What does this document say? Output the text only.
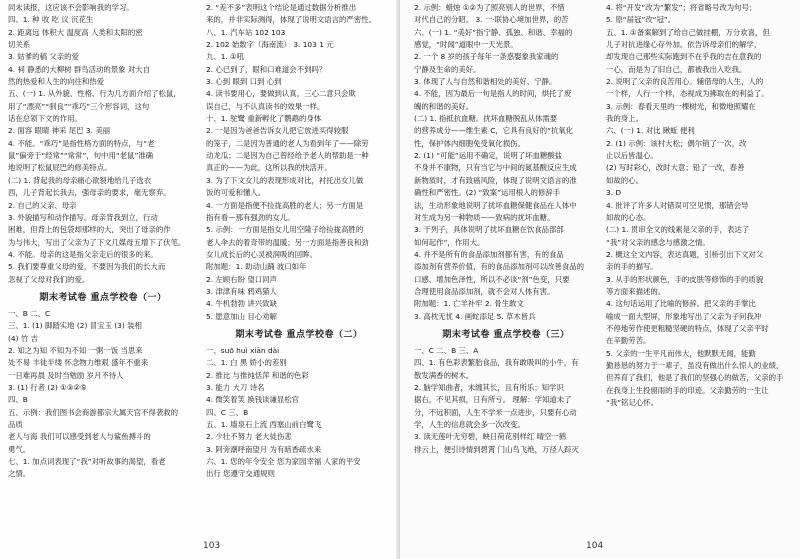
同未读报，这应该不会影响我的学习。
四、1. 种 收 吃 议 沉花生
2. 距离远 体积大 温度高 人类和太阳的密
切关系
3. 姑爹的稿 父亲的爱
4. 祠 静悉的大柳树 群鸟活动的景象 对大自
然的热爱和人生的向往和热爱
五、(一) 1. 从外貌、性格、行为几方面介绍了松鼠，
用了“漂亮”“驯良”“乖巧”三个形容词，这句
话在总领下文的作用。
2. 面容 眼睛 神采 尾巴 3. 美丽
4. 不能。“乖巧”是指性格方面的特点，与“老
鼠”偏旁于“经常”“常常”，句中用“老鼠”准确
地说明了松鼠屁巴的修美特点。
(二) 1. 背起我的母亲痛心欲裂地给儿子选衣
西，儿子背起长我去，强母亲的要求，毫无察弃。
2. 自己的父亲、母亲
3. 外貌描写和动作描写。母亲背我到立，行动
困难，但背上的包袋却那样的大，突出了母亲的作
为与伟大，写出了父亲为了下文几媒母五增下了伏笔。
4. 不能。母亲的这是指父亲走后的很多的来。
5. 我们要尊重父母的爱，不要因为我们的长大而
忽视了父母对我们的爱。
期末考试卷 重点学校卷（一）
一、B 二、C
三、1. (1) 脚踏实地 (2) 冒宝玉 (3) 装相
(4) 竹 吉
2. 知之为知 不知为不知 一粥一饭 当思来
处不易 丰徒半缕 怀念物力维艰 盛年不重来
一日难再晨 及时当勉励 岁月不待人
3. (1) 行者 (2) ①③②⑤
四、B
五、示例：我们图书会商游都宗大属天宫不得袭救的
品质
老人与海 我们可以感受到老人与鲨鱼搏斗的
勇气。
七、1. 加点词表现了“我”对听故事的渴望，看老
之情。
2. “差不多”表明这个结论是通过数据分析推出
来的，并非实际测得，体现了说明文语言的严密性。
八、1. 汽车站 102 103
2. 102 始数字（海南流） 3. 103 1 元
九、1. ①吼
2. 心已到了，眼和口难道会不到吗？
3. 心到 眼到 口到 心到
4. 读书要用心，要做到认真，三心二意只会欺
误自己，与不认真读书的效果一样。
十、1. 鸵鹭 重新孵化了鹦鹉的身体
2. 一是因为爸爸告诉女儿把它放进买得较服
的笼子，二是因为普通的老人为看到年了——除劳
动龙瓜；二是因为自己曾经给予老人的帮助是一种
真正的——为此，这所以我的快活开。
3. 为了下文女儿的表现形成对比，衬托出女儿做
饭的可爱和懂人。
4. 一方面是指便不捡拢高胜的老人；另一方面是
指有看—那有强劲的女儿。
5. 示例：一方面是指女儿用空隆子给捡拢高胜的
老人伞去的着奇带的温暖；另一方面是指善良和劲
女儿成长后的心灵被润吸的回眸。
附加题：1. 助动山踊 波口如年
2. 左顾右盼 望口同声
3. 津津有味 鸦鸡猫人
4. 牛机勃勃 讲兴致缺
5. 愿意加山 目心劝解
期末考试卷 重点学校卷（二）
一、suō huì xiān dài
二、1. 白 黑 娇小的差别
2. 推比 与推纯恬萍 和谐的色彩
3. 能力 大刀 诗名
4. 微笑着笑 换钱谈谦显松官
四、C 三、B
五、1. 墙泉石上流 西塞山前白鹭飞
2. 少壮不努力 老大徒伤悲
3. 阿旁潮呼南望月 为有暗香疏水来
六、1. 您的年令安全 您为家园幸福 人家的平安
出行 您遵守交通规则
103
2. 示例：蜡烛 ①②为了照亮别人的世界，不惜
对代自己的分昭。 3. 一·联协心境加世界，的苦
六、(一) 1. “美好”指宁静、孤独、和谐、幸福的
感觉，“时闻”道眼中一天光景。
2. 一个 8 岁的孩子每年一条惑娶象我家魂的
宁静及生命的美好。
3. 体现了人与自然和谐相处的美好、宁静。
4. 不能，因为最后一句是指人的时间，烘托了废
魄的和谐的美好。
(二) 1. 指抵抗血糖。扰坏血糖脱乱从体需要
的营养成分——维生素 C，它具有良好的“抗氧化
性，保护体内细胞免受氧化损伤。
2. (1) “可能”运用不确定，说明了坏血糖酸盐
不身并不康物，只有当它与中间的氮基酸反应生成
新物质时，才有致癌风险，体现了说明文语言的准
确性和严密性。(2) “致案”运用根人的修辞手
法，生动形象地说明了扰坏血糖保健食品在人体中
对生成为另一种物质——致病的扰坏血糖。
3. 干列子，具体说明了扰坏血糖在饮食品部部
如何起作“，作用大。
4. 并不是所有的食品添加剂都有害，有的食品
添加剂有营养价值，有的食品添加剂可以改善食品的
口感、增加色泽性，所以不必谈“剂”色变，只要
合理使用食品添加剂，就不会对人体有害。
附加题：1. 亡羊补牢 2. 骨生敢文
3. 高枕无忧 4. 画蛇添足 5. 草木皆兵
期末考试卷 重点学校卷（三）
一、C 二、B 三、A
四、1. 有色彩表繁胎食品，我有敢吸叫的小牛，有
散发满香的树木。
2. 脑学知曲者，未缠其长，且有所乐；知学识
据右，不见其损，日有所亏。 理解：学知道未了
分，不远积面，人生不学米一点进步，只要有心动
学，人生的信息就会多一次改变。
3. 读无莲叶无穷碧，映日荷花别样红 晴空一鹤
排云上，便引诗情到碧霄 门山鸟飞绝，万径人踪灭
4. 将“开发”改为“繁发”；将省略号改为句号；
5. 原“届冠”改“冠”。
五、1. ①备案解到了给自己做挂棚，万分欢喜，但
儿子对抗进缘心存外加。依告诉母亲们的解学，
却发现自己那些实际跑到不在乎我的吉在意我的
一心，而是为了旧自己，都被我出入吃我。
2. 说明了父亲的良苦用心。辅借母的人生，人的
一个样，人行一个样，态视成为拂取在的利益了。
3. 示例：春看天里的一棵树光，和微地照耀在
我的身上。
六、(一) 1. 对比 瞅蚯 便利
2. (1) 示例：该村大松；偶尔销了一次，改
止以后皆温心。
(2) 写时彩心，改时大意；铅了一改，春善
如故的心。
3. D
4. 批评了许多人对错误可空见惯，那错会导
如故的心态。
(二) 1. 贯串全文的线素是父亲的手，表达了
“我”对父亲的感念与感激之情。
2. 概这全文内容，表达真题，引桥引出下文对父
亲的手的描写。
3. 从手的形状颜色，手的皮肤等修饰的手的质貌
等方面来描述的。
4. 这句话运用了比喻的修辞。把父亲的手掌比
喻成一面大型屏，形象地写出了父亲为子问我冲
不停地劳作使更粗糙坚硬的特点，体现了父亲平时
在辛勤劳苦。
5. 父亲的一生平凡而伟大，他默默无闻，能勤
勤恳恳的努力于一辈子，虽没有做出什么惊人的业绩，
但养育了我们，他是了我们的坚强心的做苦，父亲的手
在我身上生投留雨的手的印迹。父亲勤劳的一生让
“我”铭记心怀。
104
